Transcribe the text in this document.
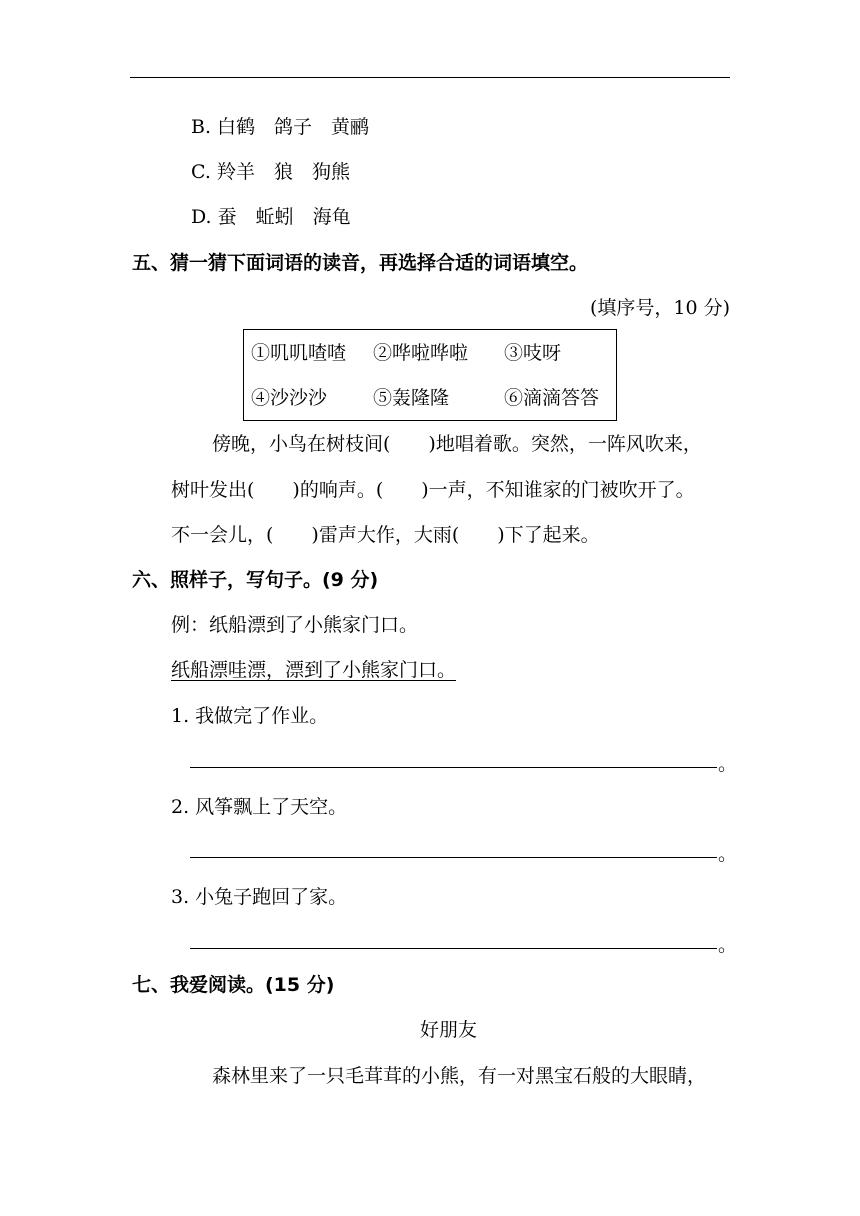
B. 白鹤　鸽子　黄鹂
C. 羚羊　狼　狗熊
D. 蚕　蚯蚓　海龟
五、猜一猜下面词语的读音，再选择合适的词语填空。
(填序号，10 分)
①叽叽喳喳 ②哗啦哗啦 ③吱呀
④沙沙沙 ⑤轰隆隆	⑥滴滴答答
傍晚，小鸟在树枝间(　　)地唱着歌。突然，一阵风吹来，
树叶发出(　　)的响声。(　　)一声，不知谁家的门被吹开了。
不一会儿，(　　)雷声大作，大雨(　　)下了起来。
六、照样子，写句子。(9 分)
例：纸船漂到了小熊家门口。
纸船漂哇漂，漂到了小熊家门口。
1. 我做完了作业。
。
2. 风筝飘上了天空。
。
3. 小兔子跑回了家。
。
七、我爱阅读。(15 分)
好朋友
森林里来了一只毛茸茸的小熊，有一对黑宝石般的大眼睛，
